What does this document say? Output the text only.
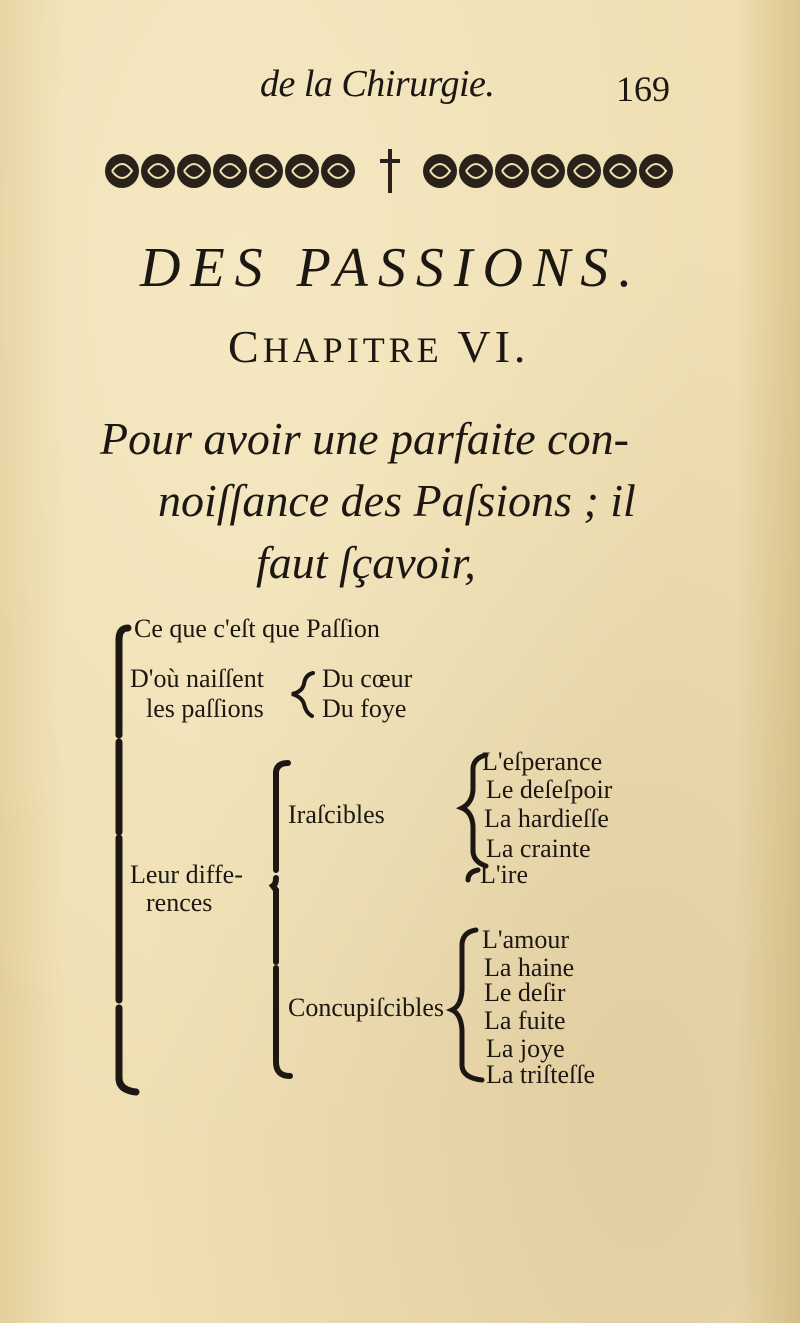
de la Chirurgie.	169
DES PASSIONS.
CHAPITRE VI.
Pour avoir une parfaite con-
noiſſance des Paſsions ; il
faut ſçavoir,
Ce que c'eſt que Paſſion
D'où naiſſent
les paſſions
Du cœur
Du foye
Leur diffe-
rences
Iraſcibles
L'eſperance
Le deſeſpoir
La hardieſſe
La crainte
L'ire
Concupiſcibles
L'amour
La haine
Le deſir
La fuite
La joye
La triſteſſe
